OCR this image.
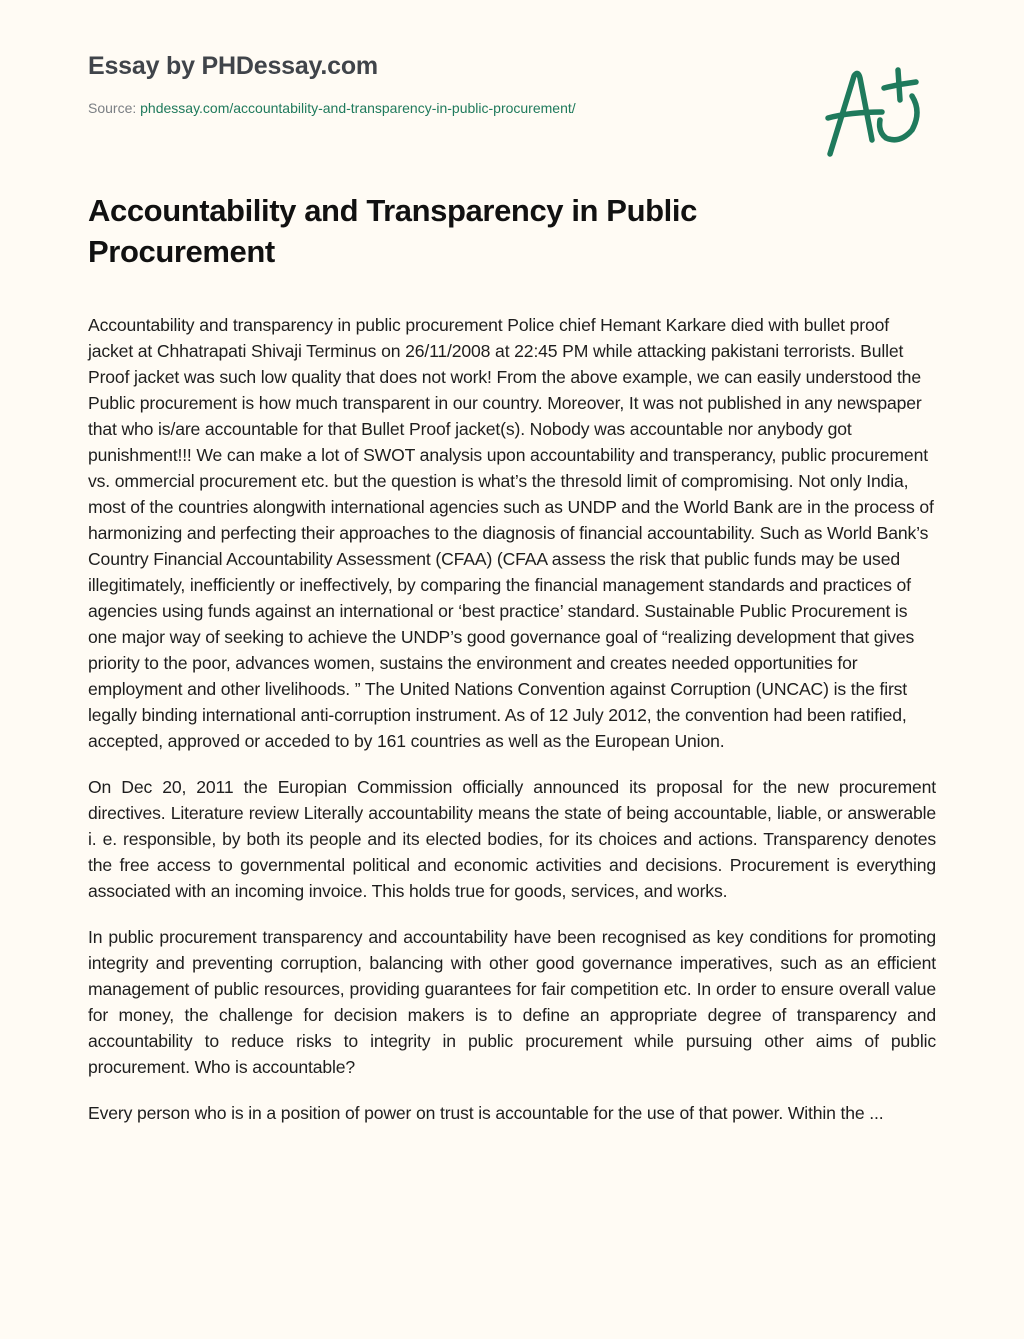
Essay by PHDessay.com
Source: phdessay.com/accountability-and-transparency-in-public-procurement/
Accountability and Transparency in Public Procurement

Accountability and transparency in public procurement Police chief Hemant Karkare died with bullet proof jacket at Chhatrapati Shivaji Terminus on 26/11/2008 at 22:45 PM while attacking pakistani terrorists. Bullet Proof jacket was such low quality that does not work! From the above example, we can easily understood the Public procurement is how much transparent in our country. Moreover, It was not published in any newspaper that who is/are accountable for that Bullet Proof jacket(s). Nobody was accountable nor anybody got punishment!!! We can make a lot of SWOT analysis upon accountability and transperancy, public procurement vs. ommercial procurement etc. but the question is what’s the thresold limit of compromising. Not only India, most of the countries alongwith international agencies such as UNDP and the World Bank are in the process of harmonizing and perfecting their approaches to the diagnosis of financial accountability. Such as World Bank’s Country Financial Accountability Assessment (CFAA) (CFAA assess the risk that public funds may be used illegitimately, inefficiently or ineffectively, by comparing the financial management standards and practices of agencies using funds against an international or ‘best practice’ standard. Sustainable Public Procurement is one major way of seeking to achieve the UNDP’s good governance goal of “realizing development that gives priority to the poor, advances women, sustains the environment and creates needed opportunities for employment and other livelihoods. ” The United Nations Convention against Corruption (UNCAC) is the first legally binding international anti-corruption instrument. As of 12 July 2012, the convention had been ratified, accepted, approved or acceded to by 161 countries as well as the European Union.

On Dec 20, 2011 the Europian Commission officially announced its proposal for the new procurement directives. Literature review Literally accountability means the state of being accountable, liable, or answerable i. e. responsible, by both its people and its elected bodies, for its choices and actions. Transparency denotes the free access to governmental political and economic activities and decisions. Procurement is everything associated with an incoming invoice. This holds true for goods, services, and works.

In public procurement transparency and accountability have been recognised as key conditions for promoting integrity and preventing corruption, balancing with other good governance imperatives, such as an efficient management of public resources, providing guarantees for fair competition etc. In order to ensure overall value for money, the challenge for decision makers is to define an appropriate degree of transparency and accountability to reduce risks to integrity in public procurement while pursuing other aims of public procurement. Who is accountable?

Every person who is in a position of power on trust is accountable for the use of that power. Within the ...
